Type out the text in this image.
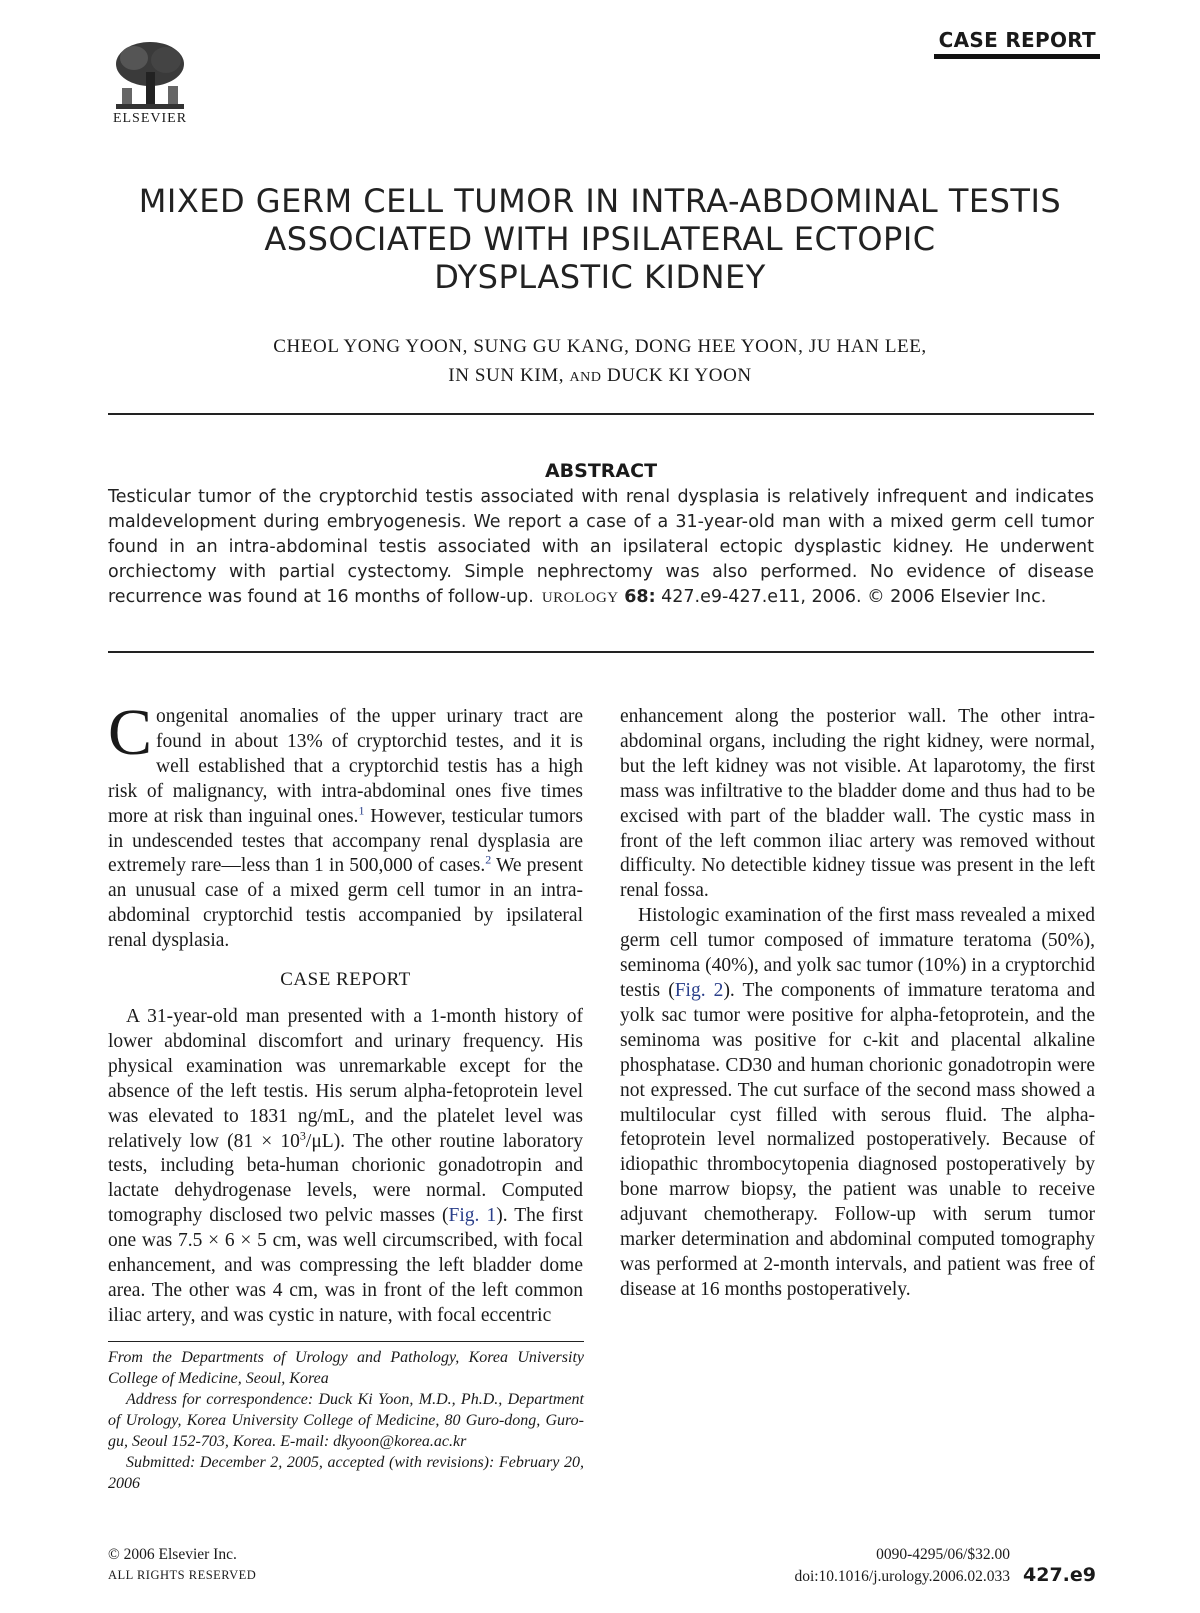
ELSEVIER
CASE REPORT
MIXED GERM CELL TUMOR IN INTRA-ABDOMINAL TESTIS
ASSOCIATED WITH IPSILATERAL ECTOPIC
DYSPLASTIC KIDNEY
CHEOL YONG YOON, SUNG GU KANG, DONG HEE YOON, JU HAN LEE,
IN SUN KIM, AND DUCK KI YOON
ABSTRACT
Testicular tumor of the cryptorchid testis associated with renal dysplasia is relatively infrequent and indicates maldevelopment during embryogenesis. We report a case of a 31-year-old man with a mixed germ cell tumor found in an intra-abdominal testis associated with an ipsilateral ectopic dysplastic kidney. He underwent orchiectomy with partial cystectomy. Simple nephrectomy was also performed. No evidence of disease recurrence was found at 16 months of follow-up. UROLOGY 68: 427.e9-427.e11, 2006. © 2006 Elsevier Inc.

Congenital anomalies of the upper urinary tract are found in about 13% of cryptorchid testes, and it is well established that a cryptorchid testis has a high risk of malignancy, with intra-abdominal ones five times more at risk than inguinal ones.$^1$ However, testicular tumors in undescended testes that accompany renal dysplasia are extremely rare—less than 1 in 500,000 of cases.$^2$ We present an unusual case of a mixed germ cell tumor in an intra-abdominal cryptorchid testis accompanied by ipsilateral renal dysplasia.

CASE REPORT

A 31-year-old man presented with a 1-month history of lower abdominal discomfort and urinary frequency. His physical examination was unremarkable except for the absence of the left testis. His serum alpha-fetoprotein level was elevated to 1831 ng/mL, and the platelet level was relatively low $(81 \times 10^3/\mu L)$. The other routine laboratory tests, including beta-human chorionic gonadotropin and lactate dehydrogenase levels, were normal. Computed tomography disclosed two pelvic masses (Fig. 1). The first one was 7.5 × 6 × 5 cm, was well circumscribed, with focal enhancement, and was compressing the left bladder dome area. The other was 4 cm, was in front of the left common iliac artery, and was cystic in nature, with focal eccentric

enhancement along the posterior wall. The other intra-abdominal organs, including the right kidney, were normal, but the left kidney was not visible. At laparotomy, the first mass was infiltrative to the bladder dome and thus had to be excised with part of the bladder wall. The cystic mass in front of the left common iliac artery was removed without difficulty. No detectible kidney tissue was present in the left renal fossa.

Histologic examination of the first mass revealed a mixed germ cell tumor composed of immature teratoma (50%), seminoma (40%), and yolk sac tumor (10%) in a cryptorchid testis (Fig. 2). The components of immature teratoma and yolk sac tumor were positive for alpha-fetoprotein, and the seminoma was positive for c-kit and placental alkaline phosphatase. CD30 and human chorionic gonadotropin were not expressed. The cut surface of the second mass showed a multilocular cyst filled with serous fluid. The alpha-fetoprotein level normalized postoperatively. Because of idiopathic thrombocytopenia diagnosed postoperatively by bone marrow biopsy, the patient was unable to receive adjuvant chemotherapy. Follow-up with serum tumor marker determination and abdominal computed tomography was performed at 2-month intervals, and patient was free of disease at 16 months postoperatively.

From the Departments of Urology and Pathology, Korea University College of Medicine, Seoul, Korea

Address for correspondence: Duck Ki Yoon, M.D., Ph.D., Department of Urology, Korea University College of Medicine, 80 Guro-dong, Guro-gu, Seoul 152-703, Korea. E-mail: dkyoon@korea.ac.kr

Submitted: December 2, 2005, accepted (with revisions): February 20, 2006

© 2006 Elsevier Inc.
ALL RIGHTS RESERVED
0090-4295/06/$32.00
doi:10.1016/j.urology.2006.02.033 427.e9
